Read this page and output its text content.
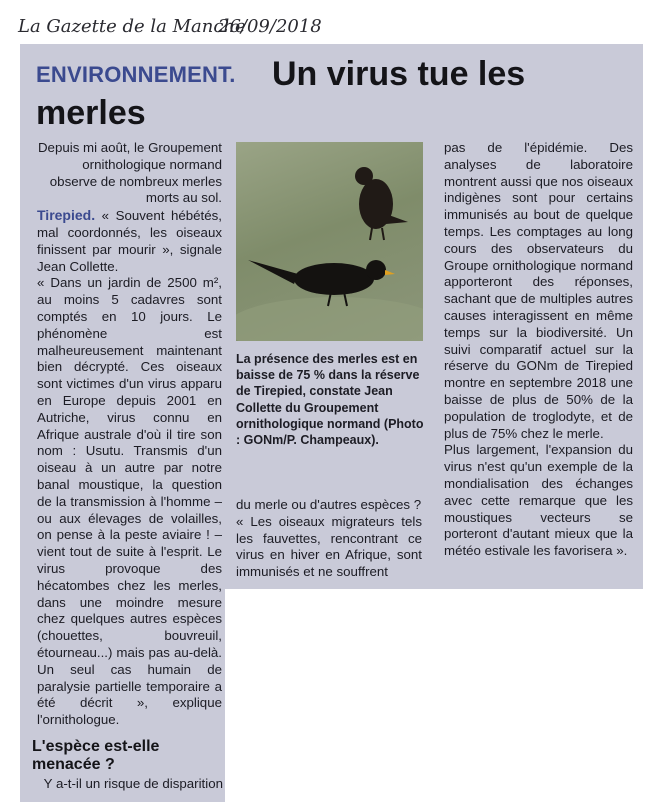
La Gazette de la Manche
26/09/2018
ENVIRONNEMENT. Un virus tue les
merles

Depuis mi août, le Groupement ornithologique normand observe de nombreux merles morts au sol.

Tirepied. « Souvent hébétés, mal coordonnés, les oiseaux finissent par mourir », signale Jean Collette.

« Dans un jardin de 2500 m², au moins 5 cadavres sont comptés en 10 jours. Le phénomène est malheureusement maintenant bien décrypté. Ces oiseaux sont victimes d'un virus apparu en Europe depuis 2001 en Autriche, virus connu en Afrique australe d'où il tire son nom : Usutu. Transmis d'un oiseau à un autre par notre banal moustique, la question de la transmission à l'homme – ou aux élevages de volailles, on pense à la peste aviaire ! – vient tout de suite à l'esprit. Le virus provoque des hécatombes chez les merles, dans une moindre mesure chez quelques autres espèces (chouettes, bouvreuil, étourneau...) mais pas au-delà. Un seul cas humain de paralysie partielle temporaire a été décrit », explique l'ornithologue.

La présence des merles est en baisse de 75 % dans la réserve de Tirepied, constate Jean Collette du Groupement ornithologique normand (Photo : GONm/P. Champeaux).

du merle ou d'autres espèces ?

« Les oiseaux migrateurs tels les fauvettes, rencontrant ce virus en hiver en Afrique, sont immunisés et ne souffrent

pas de l'épidémie. Des analyses de laboratoire montrent aussi que nos oiseaux indigènes sont pour certains immunisés au bout de quelque temps. Les comptages au long cours des observateurs du Groupe ornithologique normand apporteront des réponses, sachant que de multiples autres causes interagissent en même temps sur la biodiversité. Un suivi comparatif actuel sur la réserve du GONm de Tirepied montre en septembre 2018 une baisse de plus de 50% de la population de troglodyte, et de plus de 75% chez le merle.

Plus largement, l'expansion du virus n'est qu'un exemple de la mondialisation des échanges avec cette remarque que les moustiques vecteurs se porteront d'autant mieux que la météo estivale les favorisera ».

L'espèce est-elle menacée ?
Y a-t-il un risque de disparition
